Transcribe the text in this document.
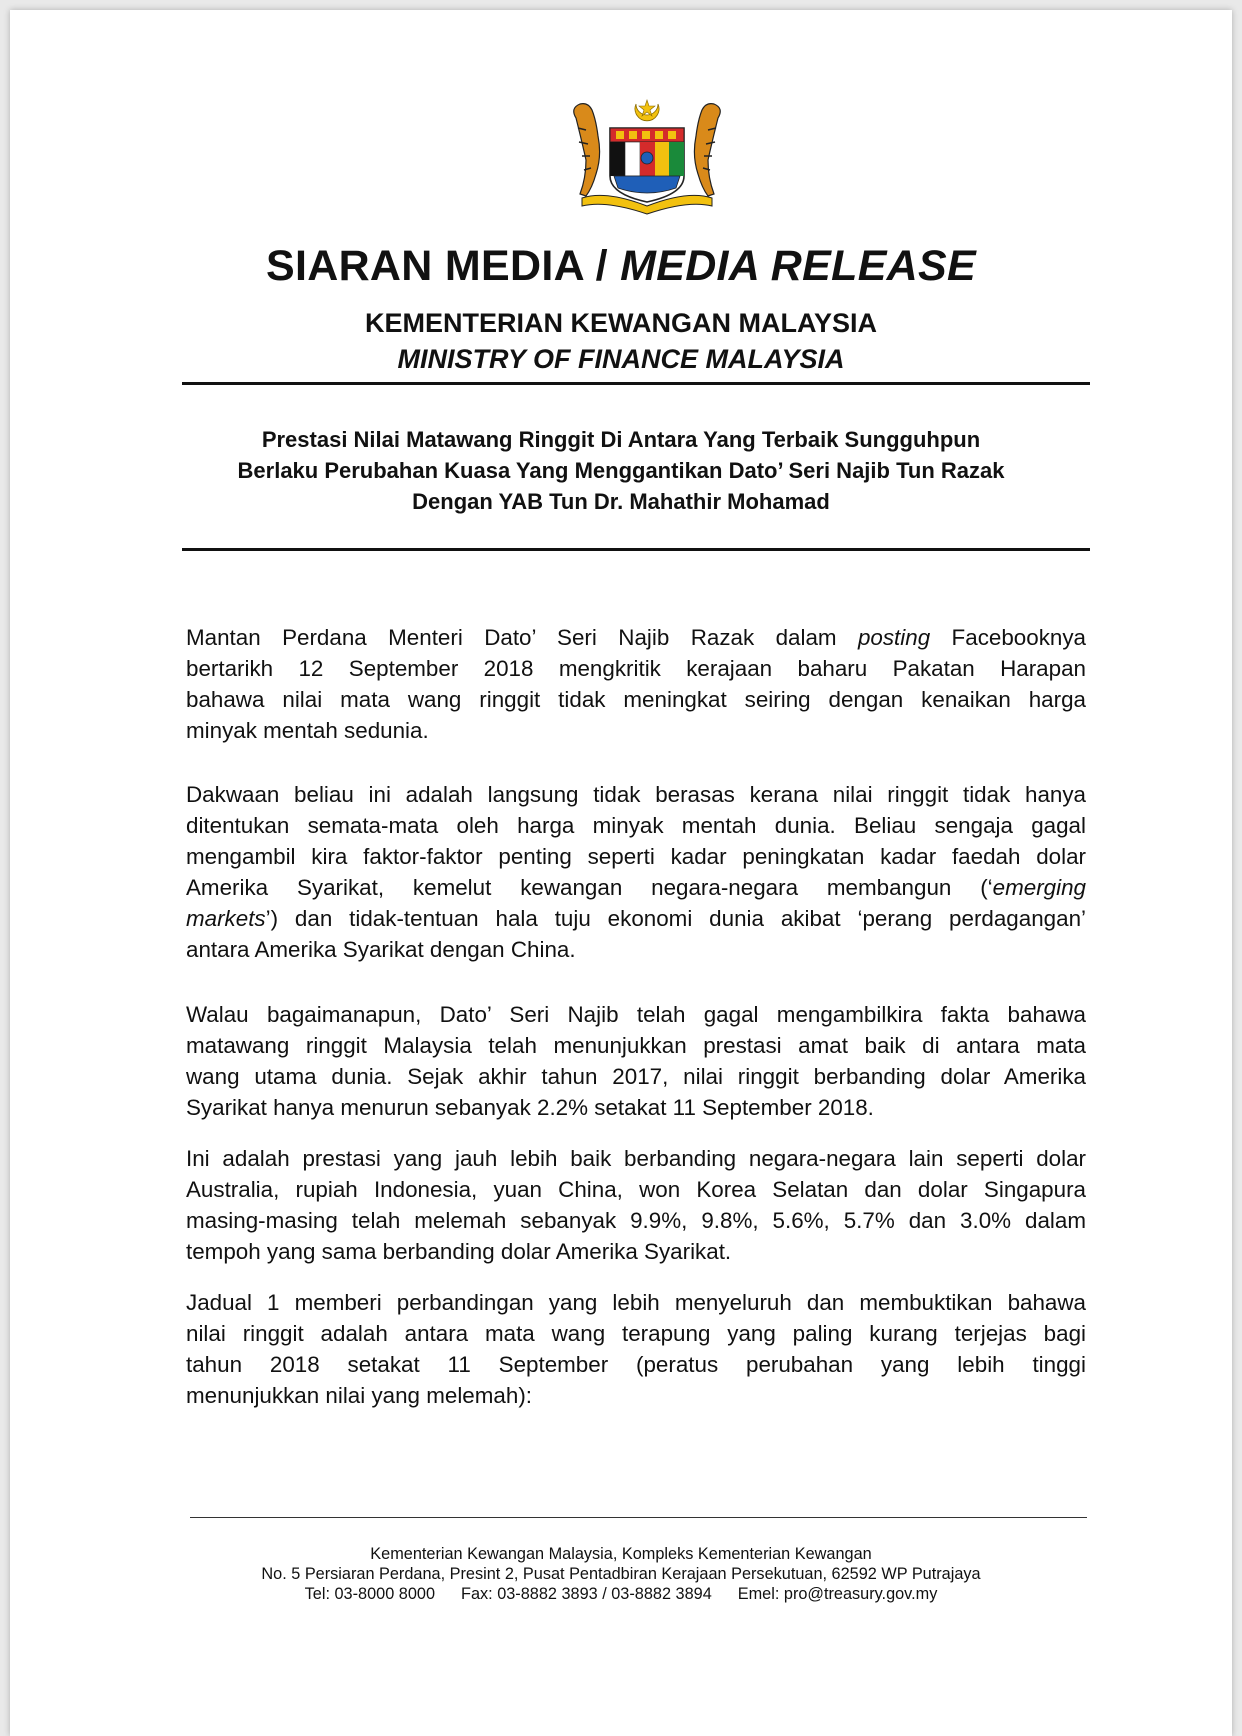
SIARAN MEDIA / MEDIA RELEASE
KEMENTERIAN KEWANGAN MALAYSIA
MINISTRY OF FINANCE MALAYSIA
Prestasi Nilai Matawang Ringgit Di Antara Yang Terbaik Sungguhpun
Berlaku Perubahan Kuasa Yang Menggantikan Dato’ Seri Najib Tun Razak
Dengan YAB Tun Dr. Mahathir Mohamad
Mantan Perdana Menteri Dato’ Seri Najib Razak dalam posting Facebooknya
bertarikh 12 September 2018 mengkritik kerajaan baharu Pakatan Harapan
bahawa nilai mata wang ringgit tidak meningkat seiring dengan kenaikan harga
minyak mentah sedunia.
Dakwaan beliau ini adalah langsung tidak berasas kerana nilai ringgit tidak hanya
ditentukan semata-mata oleh harga minyak mentah dunia. Beliau sengaja gagal
mengambil kira faktor-faktor penting seperti kadar peningkatan kadar faedah dolar
Amerika Syarikat, kemelut kewangan negara-negara membangun (‘emerging
markets’) dan tidak-tentuan hala tuju ekonomi dunia akibat ‘perang perdagangan’
antara Amerika Syarikat dengan China.
Walau bagaimanapun, Dato’ Seri Najib telah gagal mengambilkira fakta bahawa
matawang ringgit Malaysia telah menunjukkan prestasi amat baik di antara mata
wang utama dunia. Sejak akhir tahun 2017, nilai ringgit berbanding dolar Amerika
Syarikat hanya menurun sebanyak 2.2% setakat 11 September 2018.
Ini adalah prestasi yang jauh lebih baik berbanding negara-negara lain seperti dolar
Australia, rupiah Indonesia, yuan China, won Korea Selatan dan dolar Singapura
masing-masing telah melemah sebanyak 9.9%, 9.8%, 5.6%, 5.7% dan 3.0% dalam
tempoh yang sama berbanding dolar Amerika Syarikat.
Jadual 1 memberi perbandingan yang lebih menyeluruh dan membuktikan bahawa
nilai ringgit adalah antara mata wang terapung yang paling kurang terjejas bagi
tahun 2018 setakat 11 September (peratus perubahan yang lebih tinggi
menunjukkan nilai yang melemah):
Kementerian Kewangan Malaysia, Kompleks Kementerian Kewangan
No. 5 Persiaran Perdana, Presint 2, Pusat Pentadbiran Kerajaan Persekutuan, 62592 WP Putrajaya
Tel: 03-8000 8000 Fax: 03-8882 3893 / 03-8882 3894 Emel: pro@treasury.gov.my
